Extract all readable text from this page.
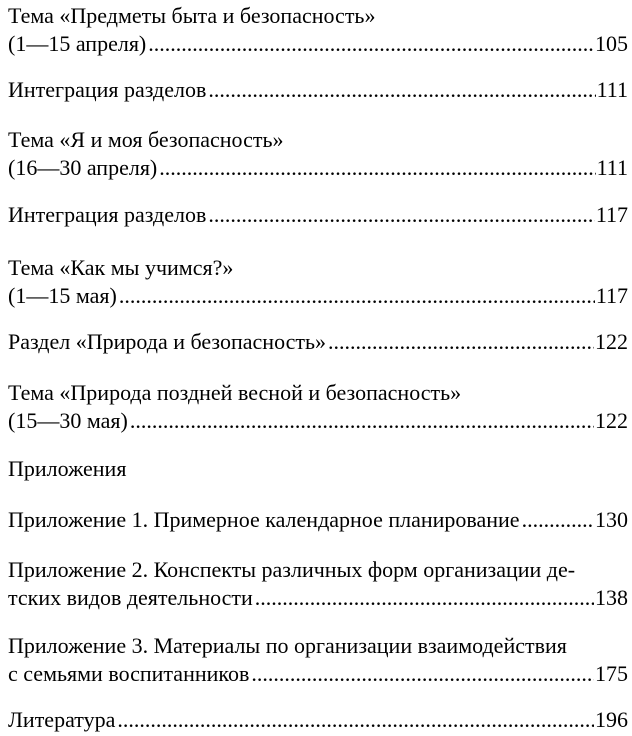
Тема «Предметы быта и безопасность»
(1—15 апреля) .....	105
Интеграция разделов .....	111
Тема «Я и моя безопасность»
(16—30 апреля) .....	111
Интеграция разделов .....	117
Тема «Как мы учимся?»
(1—15 мая) .....	117
Раздел «Природа и безопасность» .....	122
Тема «Природа поздней весной и безопасность»
(15—30 мая) .....	122
Приложения
Приложение 1. Примерное календарное планирование .....	130
Приложение 2. Конспекты различных форм организации де-
тских видов деятельности .....	138
Приложение 3. Материалы по организации взаимодействия
с семьями воспитанников .....	175
Литература .....	196
